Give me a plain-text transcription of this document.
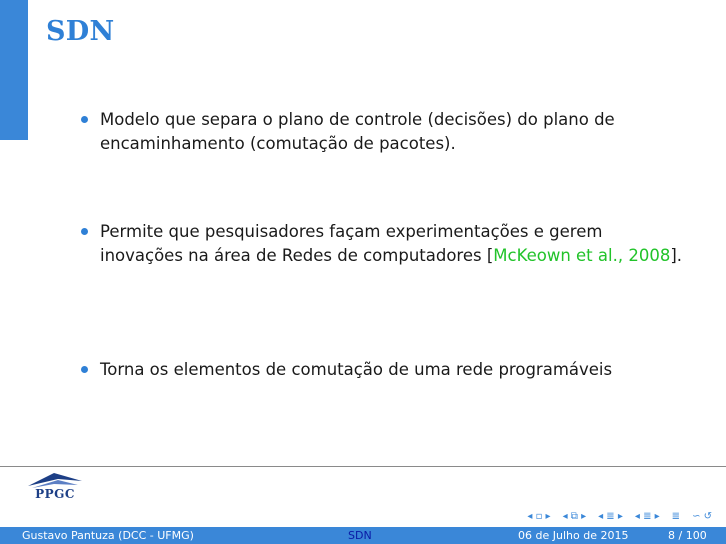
SDN
Modelo que separa o plano de controle (decisões) do plano de encaminhamento (comutação de pacotes).
Permite que pesquisadores façam experimentações e gerem inovações na área de Redes de computadores [McKeown et al., 2008].
Torna os elementos de comutação de uma rede programáveis
PPGC
◂ ▫ ▸ ◂ ⧉ ▸ ◂ ≣ ▸ ◂ ≣ ▸ ≣ ∽ ↺
Gustavo Pantuza (DCC - UFMG)	SDN	06 de Julho de 2015	8 / 100
